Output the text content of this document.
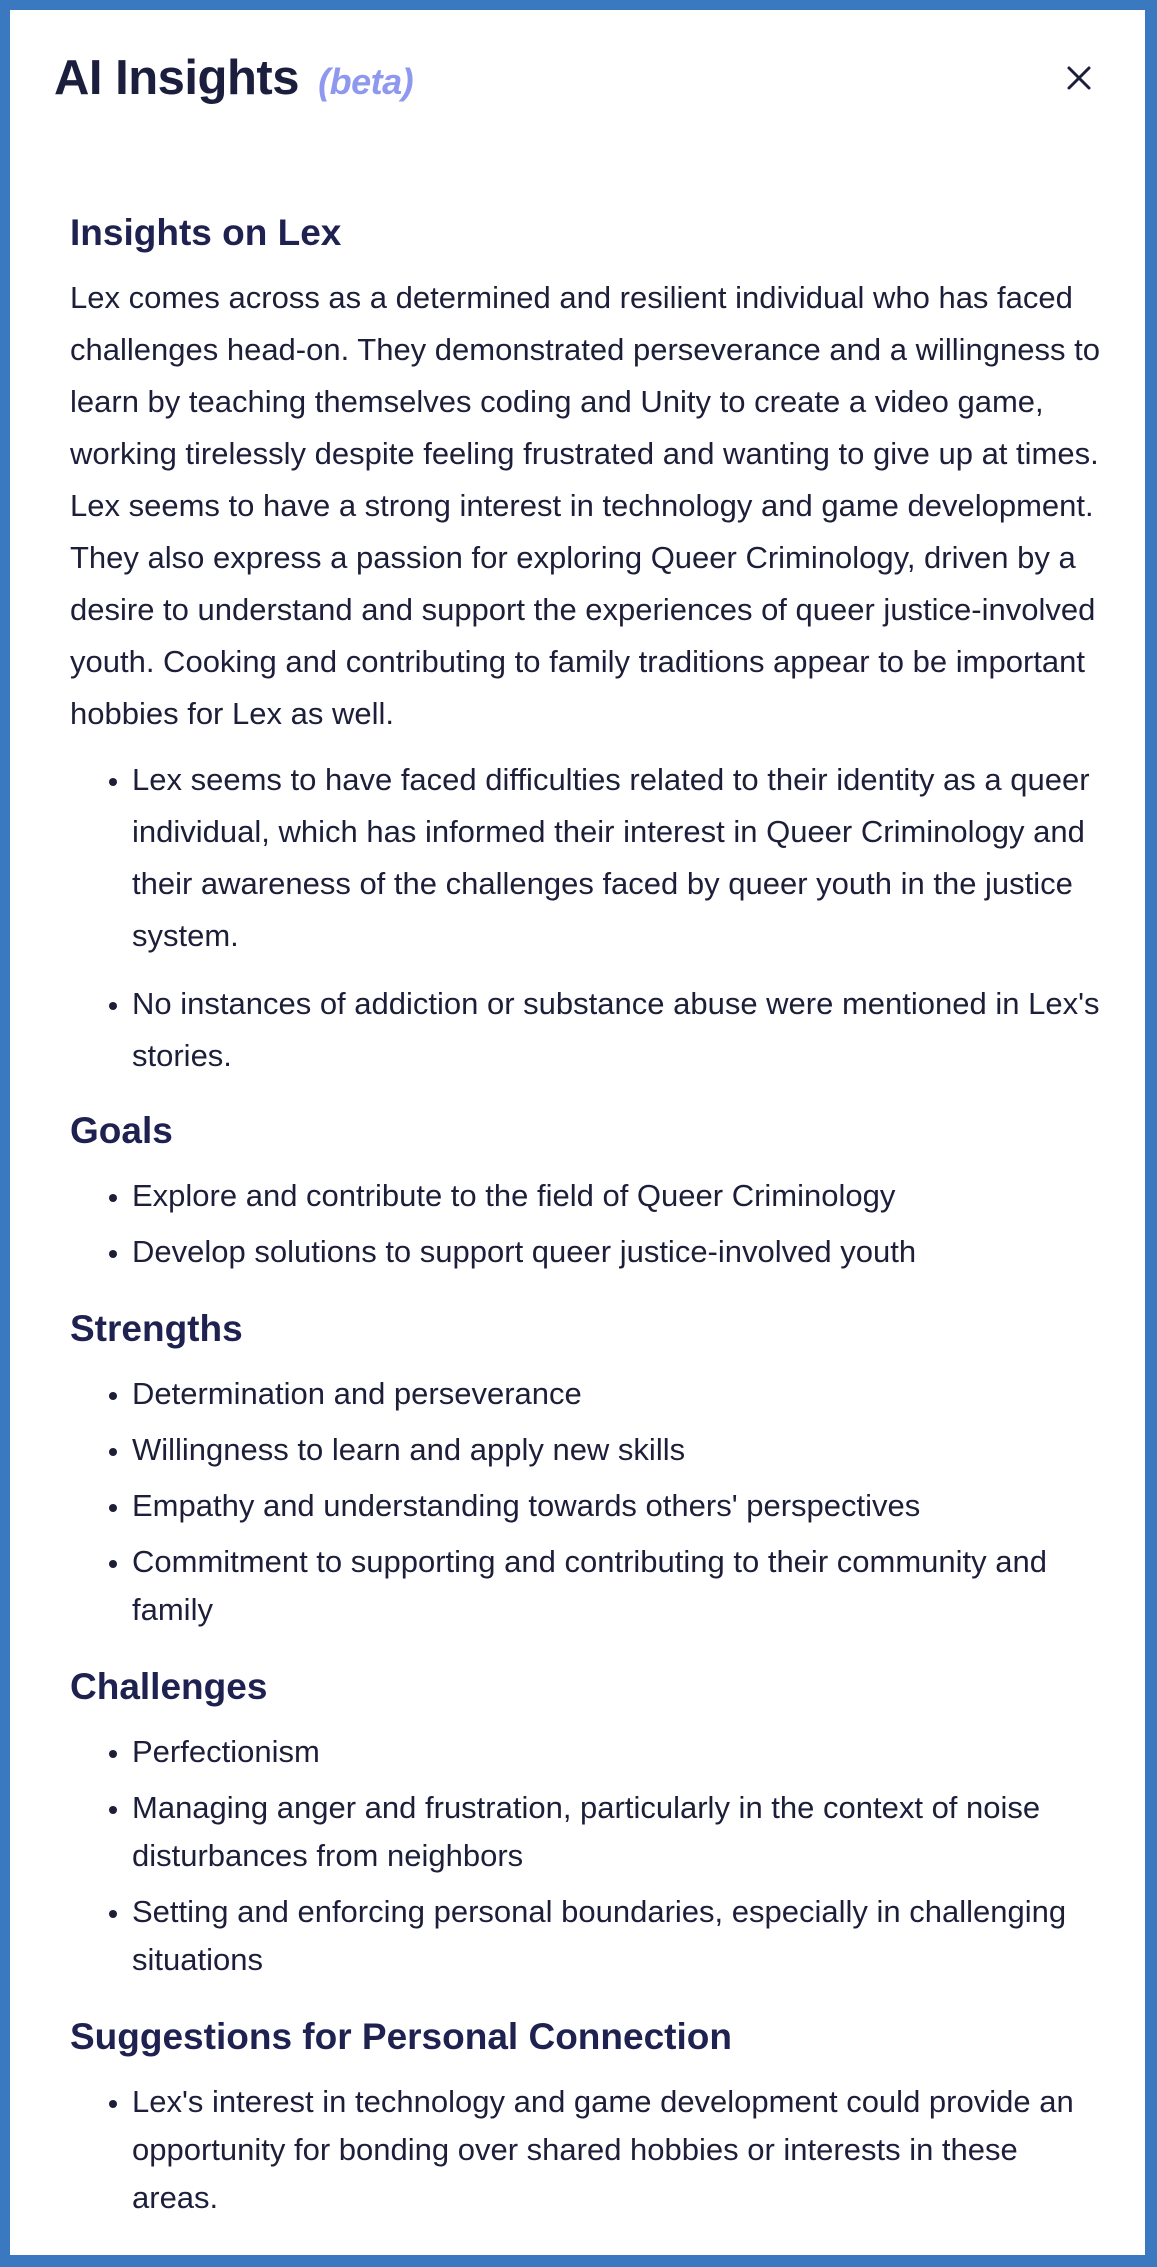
AI Insights (beta)
Insights on Lex

Lex comes across as a determined and resilient individual who has faced challenges head-on. They demonstrated perseverance and a willingness to learn by teaching themselves coding and Unity to create a video game, working tirelessly despite feeling frustrated and wanting to give up at times. Lex seems to have a strong interest in technology and game development. They also express a passion for exploring Queer Criminology, driven by a desire to understand and support the experiences of queer justice-involved youth. Cooking and contributing to family traditions appear to be important hobbies for Lex as well.

• Lex seems to have faced difficulties related to their identity as a queer individual, which has informed their interest in Queer Criminology and their awareness of the challenges faced by queer youth in the justice system.
• No instances of addiction or substance abuse were mentioned in Lex's stories.
Goals
• Explore and contribute to the field of Queer Criminology
• Develop solutions to support queer justice-involved youth
Strengths
• Determination and perseverance
• Willingness to learn and apply new skills
• Empathy and understanding towards others' perspectives
• Commitment to supporting and contributing to their community and family
Challenges
• Perfectionism
• Managing anger and frustration, particularly in the context of noise disturbances from neighbors
• Setting and enforcing personal boundaries, especially in challenging situations
Suggestions for Personal Connection
• Lex's interest in technology and game development could provide an opportunity for bonding over shared hobbies or interests in these areas.
